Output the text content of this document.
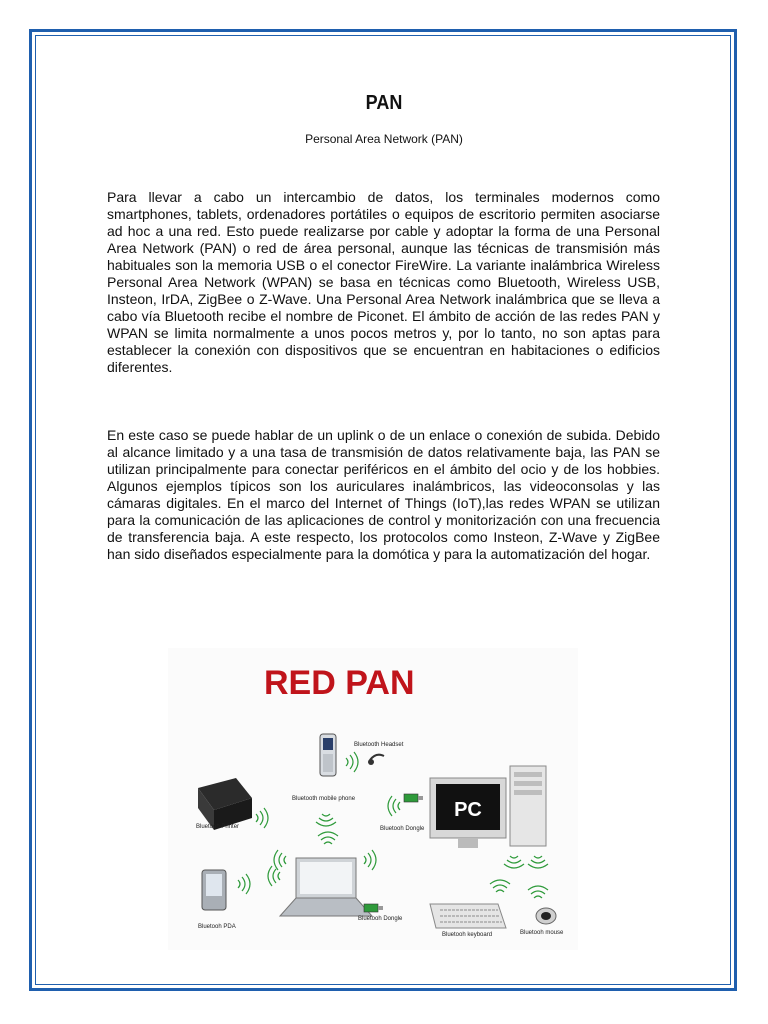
PAN
Personal Area Network (PAN)

Para llevar a cabo un intercambio de datos, los terminales modernos como smartphones, tablets, ordenadores portátiles o equipos de escritorio permiten asociarse ad hoc a una red. Esto puede realizarse por cable y adoptar la forma de una Personal Area Network (PAN) o red de área personal, aunque las técnicas de transmisión más habituales son la memoria USB o el conector FireWire. La variante inalámbrica Wireless Personal Area Network (WPAN) se basa en técnicas como Bluetooth, Wireless USB, Insteon, IrDA, ZigBee o Z-Wave. Una Personal Area Network inalámbrica que se lleva a cabo vía Bluetooth recibe el nombre de Piconet. El ámbito de acción de las redes PAN y WPAN se limita normalmente a unos pocos metros y, por lo tanto, no son aptas para establecer la conexión con dispositivos que se encuentran en habitaciones o edificios diferentes.

En este caso se puede hablar de un uplink o de un enlace o conexión de subida. Debido al alcance limitado y a una tasa de transmisión de datos relativamente baja, las PAN se utilizan principalmente para conectar periféricos en el ámbito del ocio y de los hobbies. Algunos ejemplos típicos son los auriculares inalámbricos, las videoconsolas y las cámaras digitales. En el marco del Internet of Things (IoT),las redes WPAN se utilizan para la comunicación de las aplicaciones de control y monitorización con una frecuencia de transferencia baja. A este respecto, los protocolos como Insteon, Z-Wave y ZigBee han sido diseñados especialmente para la domótica y para la automatización del hogar.

RED PAN
PC
Bluetooth Headset
Bluetooth mobile phone
Bluetooh Printer	Bluetooh Dongle
Bluetooh PDA
Bluetooh Dongle
Bluetooh keyboard	Bluetooh mouse
